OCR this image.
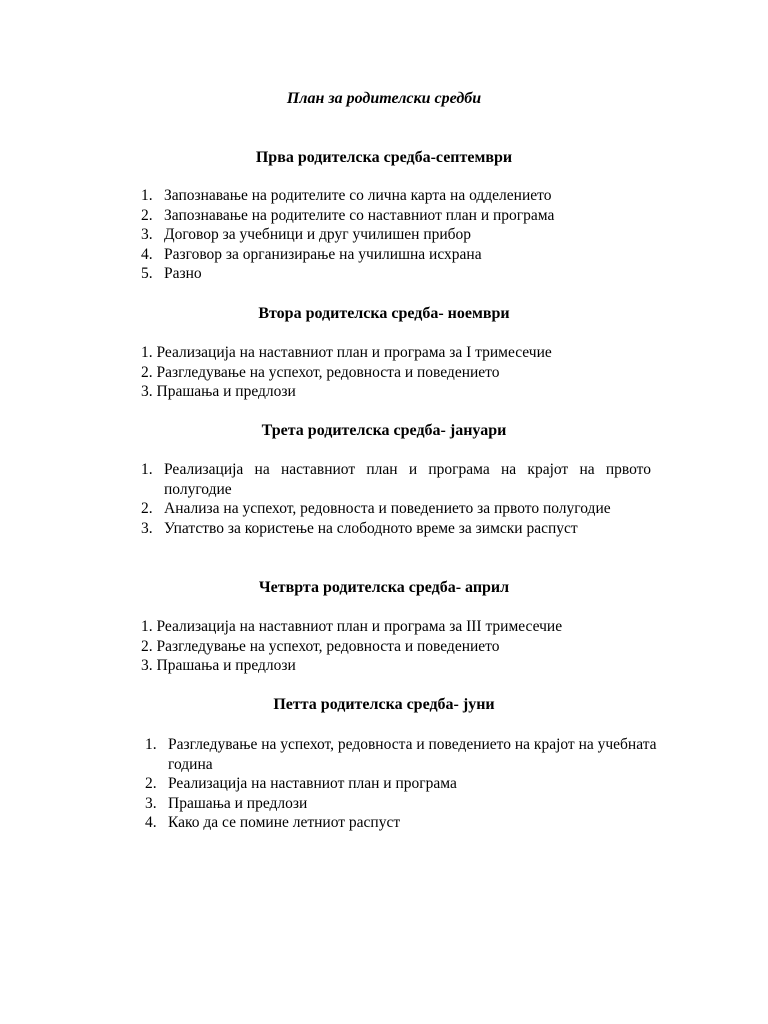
План за родителски средби
Прва родителска средба-септември
1. Запознавање на родителите со лична карта на одделението
2. Запознавање на родителите со наставниот план и програма
3. Договор за учебници и друг училишен прибор
4. Разговор за организирање на училишна исхрана
5. Разно
Втора родителска средба- ноември
1. Реализација на наставниот план и програма за I тримесечие
2. Разгледување на успехот, редовноста и поведението
3. Прашања и предлози
Трета родителска средба- јануари
1. Реализација на наставниот план и програма на крајот на првото полугодие
2. Анализа на успехот, редовноста и поведението за првото полугодие
3. Упатство за користење на слободното време за зимски распуст
Четврта родителска средба- април
1. Реализација на наставниот план и програма за III тримесечие
2. Разгледување на успехот, редовноста и поведението
3. Прашања и предлози
Петта родителска средба- јуни
1. Разгледување на успехот, редовноста и поведението на крајот на учебната година
2. Реализација на наставниот план и програма
3. Прашања и предлози
4. Како да се помине летниот распуст
